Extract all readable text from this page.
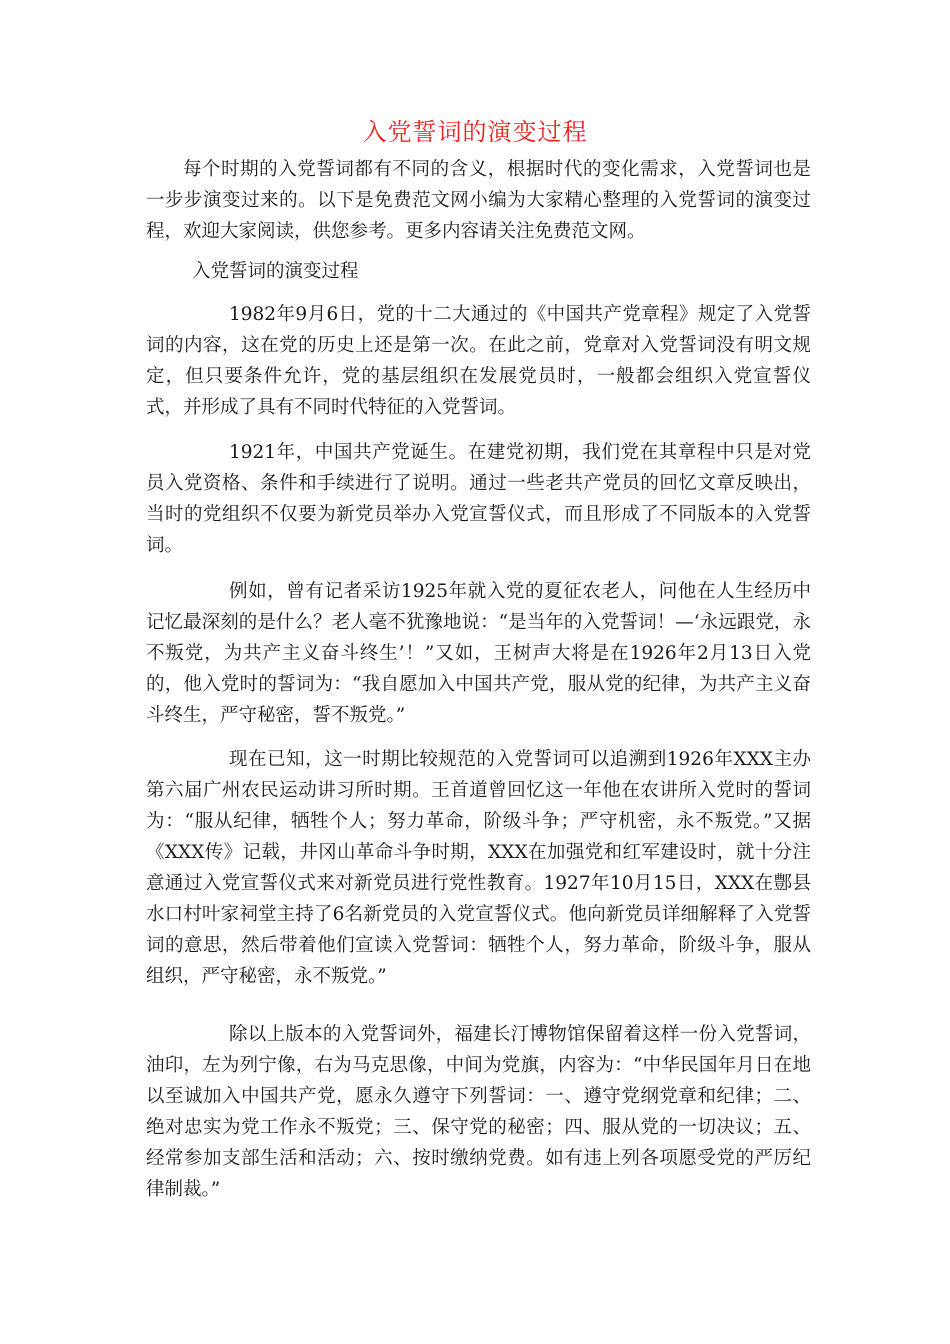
入党誓词的演变过程

每个时期的入党誓词都有不同的含义，根据时代的变化需求，入党誓词也是一步步演变过来的。以下是免费范文网小编为大家精心整理的入党誓词的演变过程，欢迎大家阅读，供您参考。更多内容请关注免费范文网。

入党誓词的演变过程

1982年9月6日，党的十二大通过的《中国共产党章程》规定了入党誓词的内容，这在党的历史上还是第一次。在此之前，党章对入党誓词没有明文规定，但只要条件允许，党的基层组织在发展党员时，一般都会组织入党宣誓仪式，并形成了具有不同时代特征的入党誓词。

1921年，中国共产党诞生。在建党初期，我们党在其章程中只是对党员入党资格、条件和手续进行了说明。通过一些老共产党员的回忆文章反映出，当时的党组织不仅要为新党员举办入党宣誓仪式，而且形成了不同版本的入党誓词。

例如，曾有记者采访1925年就入党的夏征农老人，问他在人生经历中记忆最深刻的是什么？老人毫不犹豫地说：“是当年的入党誓词！—‘永远跟党，永不叛党，为共产主义奋斗终生’！”又如，王树声大将是在1926年2月13日入党的，他入党时的誓词为：“我自愿加入中国共产党，服从党的纪律，为共产主义奋斗终生，严守秘密，誓不叛党。”

现在已知，这一时期比较规范的入党誓词可以追溯到1926年XXX主办第六届广州农民运动讲习所时期。王首道曾回忆这一年他在农讲所入党时的誓词为：“服从纪律，牺牲个人；努力革命，阶级斗争；严守机密，永不叛党。”又据《XXX传》记载，井冈山革命斗争时期，XXX在加强党和红军建设时，就十分注意通过入党宣誓仪式来对新党员进行党性教育。1927年10月15日，XXX在鄷县水口村叶家祠堂主持了6名新党员的入党宣誓仪式。他向新党员详细解释了入党誓词的意思，然后带着他们宣读入党誓词：牺牲个人，努力革命，阶级斗争，服从组织，严守秘密，永不叛党。”

除以上版本的入党誓词外，福建长汀博物馆保留着这样一份入党誓词，油印，左为列宁像，右为马克思像，中间为党旗，内容为：“中华民国年月日在地以至诚加入中国共产党，愿永久遵守下列誓词：一、遵守党纲党章和纪律；二、绝对忠实为党工作永不叛党；三、保守党的秘密；四、服从党的一切决议；五、经常参加支部生活和活动；六、按时缴纳党费。如有违上列各项愿受党的严厉纪律制裁。”
